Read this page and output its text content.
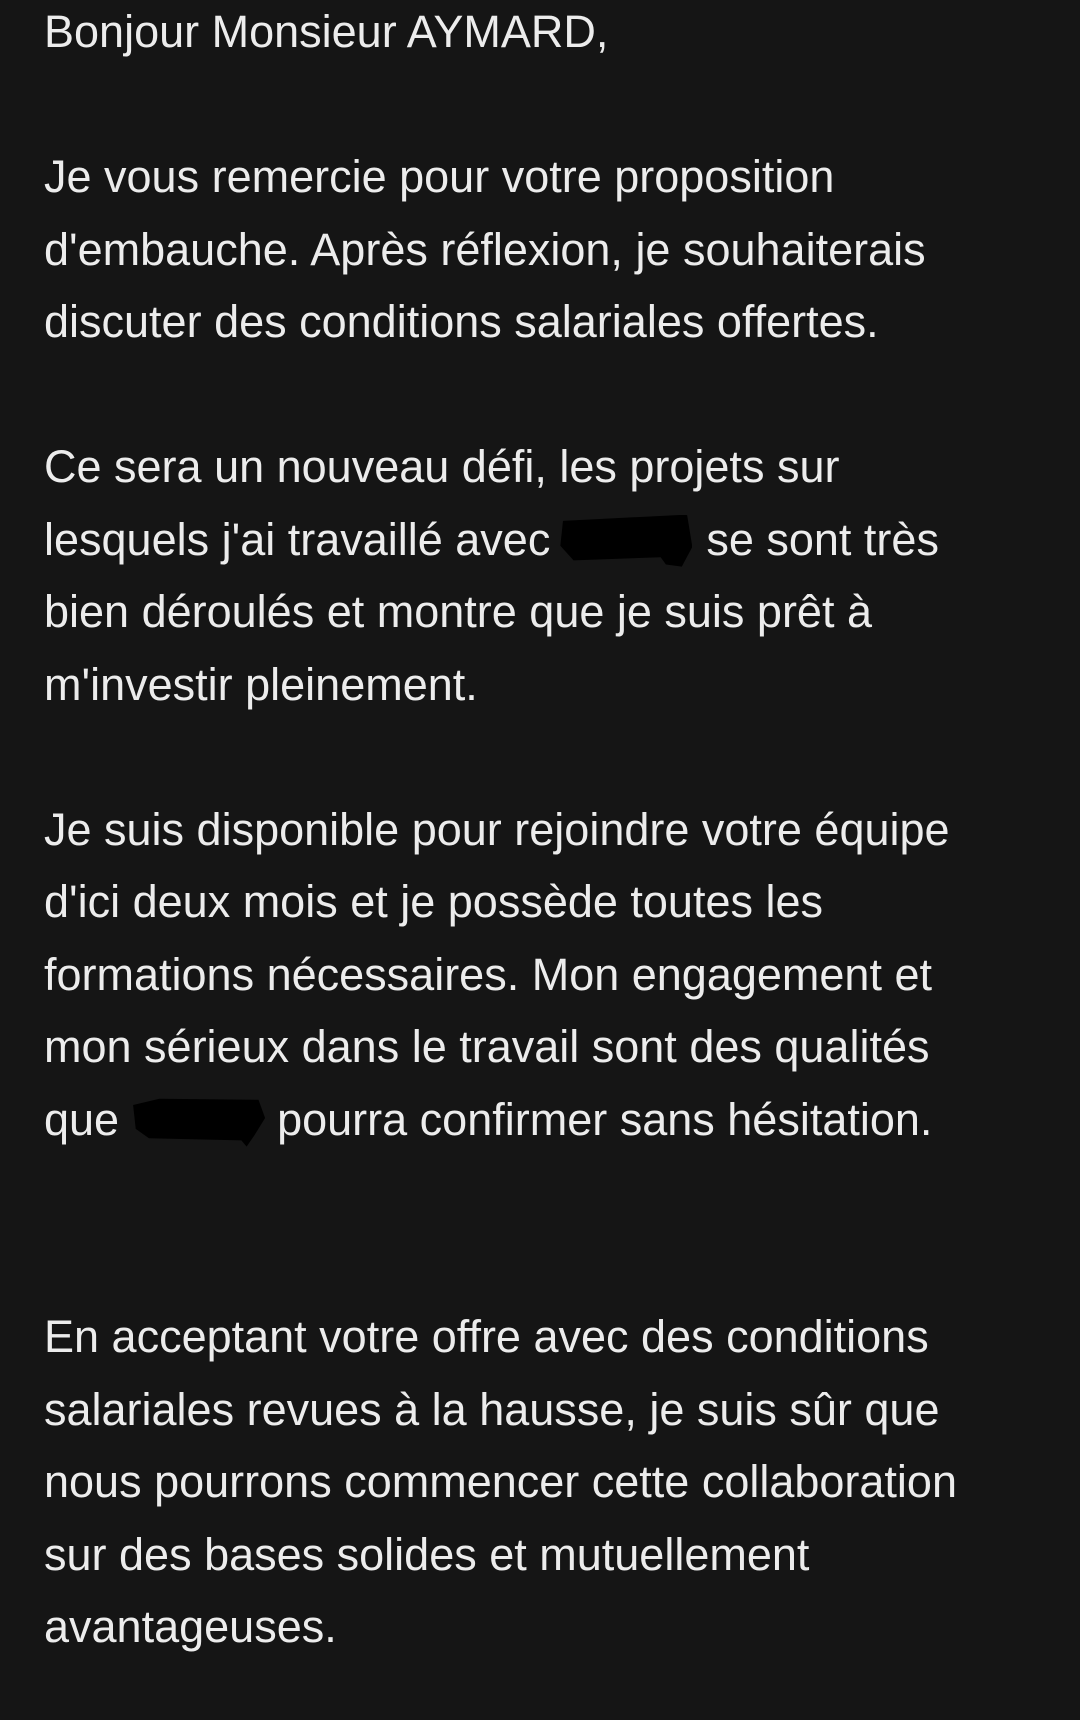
Bonjour Monsieur AYMARD,
Je vous remercie pour votre proposition
d'embauche. Après réflexion, je souhaiterais
discuter des conditions salariales offertes.
Ce sera un nouveau défi, les projets sur
lesquels j'ai travaillé avec	se sont très
bien déroulés et montre que je suis prêt à
m'investir pleinement.
Je suis disponible pour rejoindre votre équipe
d'ici deux mois et je possède toutes les
formations nécessaires. Mon engagement et
mon sérieux dans le travail sont des qualités
que	pourra confirmer sans hésitation.
En acceptant votre offre avec des conditions
salariales revues à la hausse, je suis sûr que
nous pourrons commencer cette collaboration
sur des bases solides et mutuellement
avantageuses.
